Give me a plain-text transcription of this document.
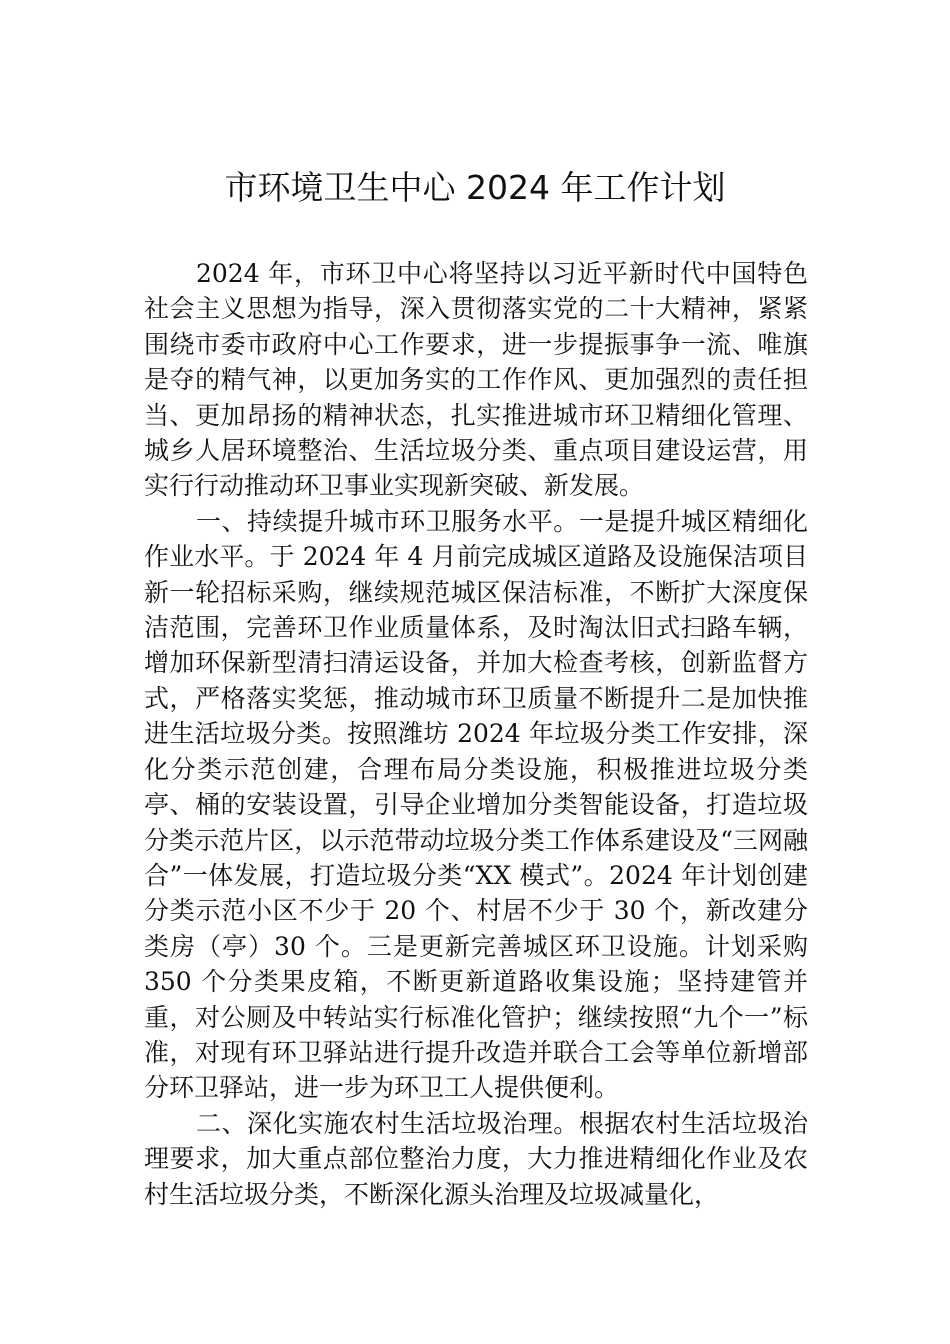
市环境卫生中心 2024 年工作计划

2024 年，市环卫中心将坚持以习近平新时代中国特色社会主义思想为指导，深入贯彻落实党的二十大精神，紧紧围绕市委市政府中心工作要求，进一步提振事争一流、唯旗是夺的精气神，以更加务实的工作作风、更加强烈的责任担当、更加昂扬的精神状态，扎实推进城市环卫精细化管理、城乡人居环境整治、生活垃圾分类、重点项目建设运营，用实行行动推动环卫事业实现新突破、新发展。

一、持续提升城市环卫服务水平。一是提升城区精细化作业水平。于 2024 年 4 月前完成城区道路及设施保洁项目新一轮招标采购，继续规范城区保洁标准，不断扩大深度保洁范围，完善环卫作业质量体系，及时淘汰旧式扫路车辆，增加环保新型清扫清运设备，并加大检查考核，创新监督方式，严格落实奖惩，推动城市环卫质量不断提升二是加快推进生活垃圾分类。按照潍坊 2024 年垃圾分类工作安排，深化分类示范创建，合理布局分类设施，积极推进垃圾分类亭、桶的安装设置，引导企业增加分类智能设备，打造垃圾分类示范片区，以示范带动垃圾分类工作体系建设及“三网融合”一体发展，打造垃圾分类“XX 模式”。2024 年计划创建分类示范小区不少于 20 个、村居不少于 30 个，新改建分类房（亭）30 个。三是更新完善城区环卫设施。计划采购 350 个分类果皮箱，不断更新道路收集设施；坚持建管并重，对公厕及中转站实行标准化管护；继续按照“九个一”标准，对现有环卫驿站进行提升改造并联合工会等单位新增部分环卫驿站，进一步为环卫工人提供便利。

二、深化实施农村生活垃圾治理。根据农村生活垃圾治理要求，加大重点部位整治力度，大力推进精细化作业及农村生活垃圾分类，不断深化源头治理及垃圾减量化，
